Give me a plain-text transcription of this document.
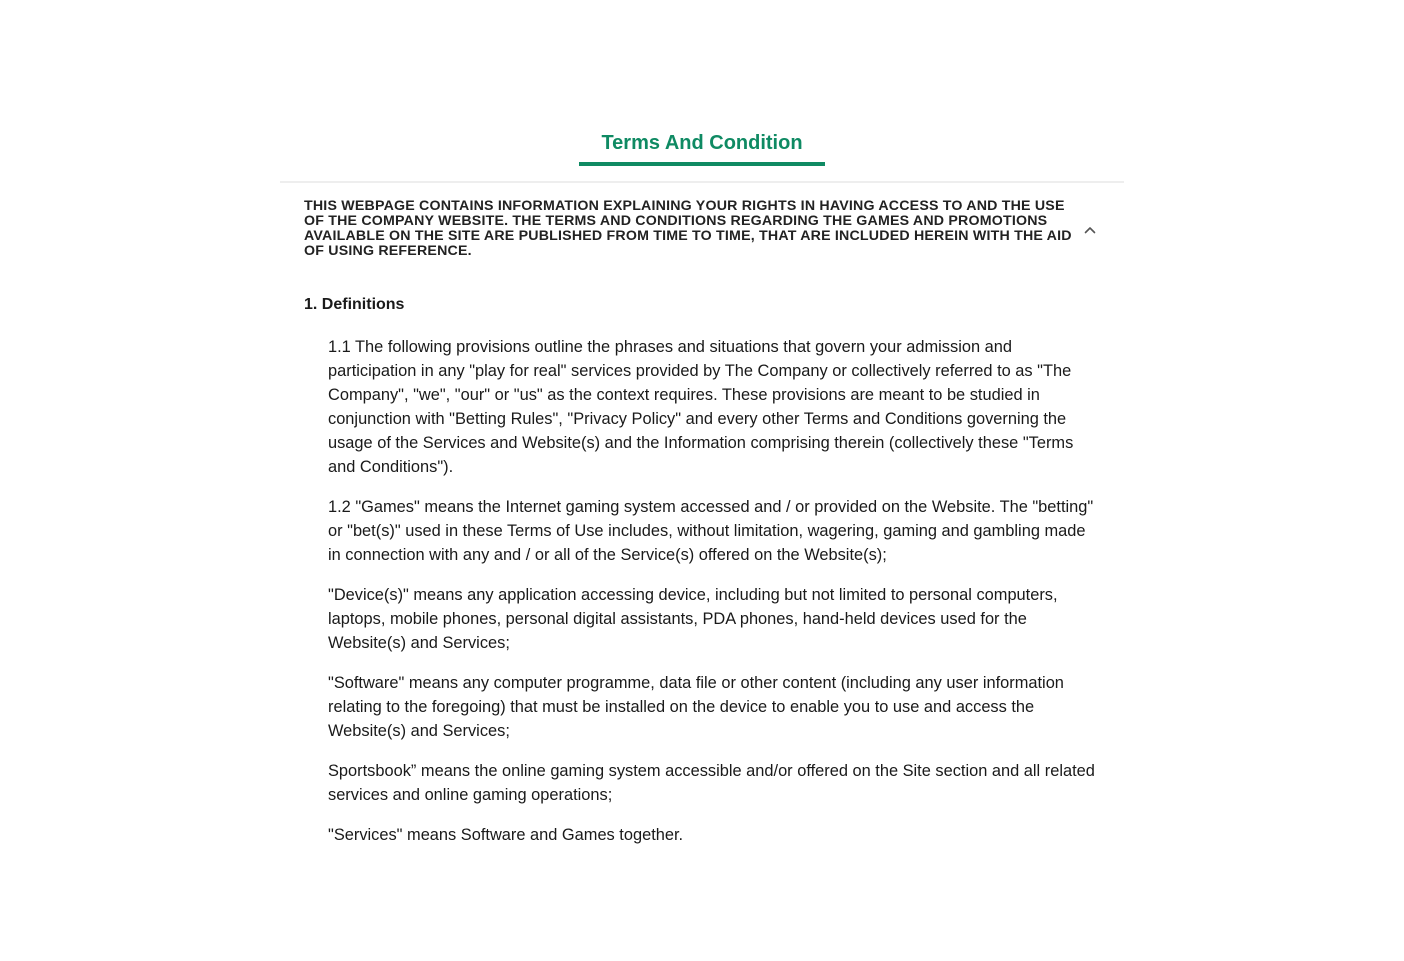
Terms And Condition

THIS WEBPAGE CONTAINS INFORMATION EXPLAINING YOUR RIGHTS IN HAVING ACCESS TO AND THE USE OF THE COMPANY WEBSITE. THE TERMS AND CONDITIONS REGARDING THE GAMES AND PROMOTIONS AVAILABLE ON THE SITE ARE PUBLISHED FROM TIME TO TIME, THAT ARE INCLUDED HEREIN WITH THE AID OF USING REFERENCE.

1. Definitions

1.1 The following provisions outline the phrases and situations that govern your admission and participation in any "play for real" services provided by The Company or collectively referred to as "The Company", "we", "our" or "us" as the context requires. These provisions are meant to be studied in conjunction with "Betting Rules", "Privacy Policy" and every other Terms and Conditions governing the usage of the Services and Website(s) and the Information comprising therein (collectively these "Terms and Conditions").

1.2 "Games" means the Internet gaming system accessed and / or provided on the Website. The "betting" or "bet(s)" used in these Terms of Use includes, without limitation, wagering, gaming and gambling made in connection with any and / or all of the Service(s) offered on the Website(s);

"Device(s)" means any application accessing device, including but not limited to personal computers, laptops, mobile phones, personal digital assistants, PDA phones, hand-held devices used for the Website(s) and Services;

"Software" means any computer programme, data file or other content (including any user information relating to the foregoing) that must be installed on the device to enable you to use and access the Website(s) and Services;

Sportsbook” means the online gaming system accessible and/or offered on the Site section and all related services and online gaming operations;

"Services" means Software and Games together.
